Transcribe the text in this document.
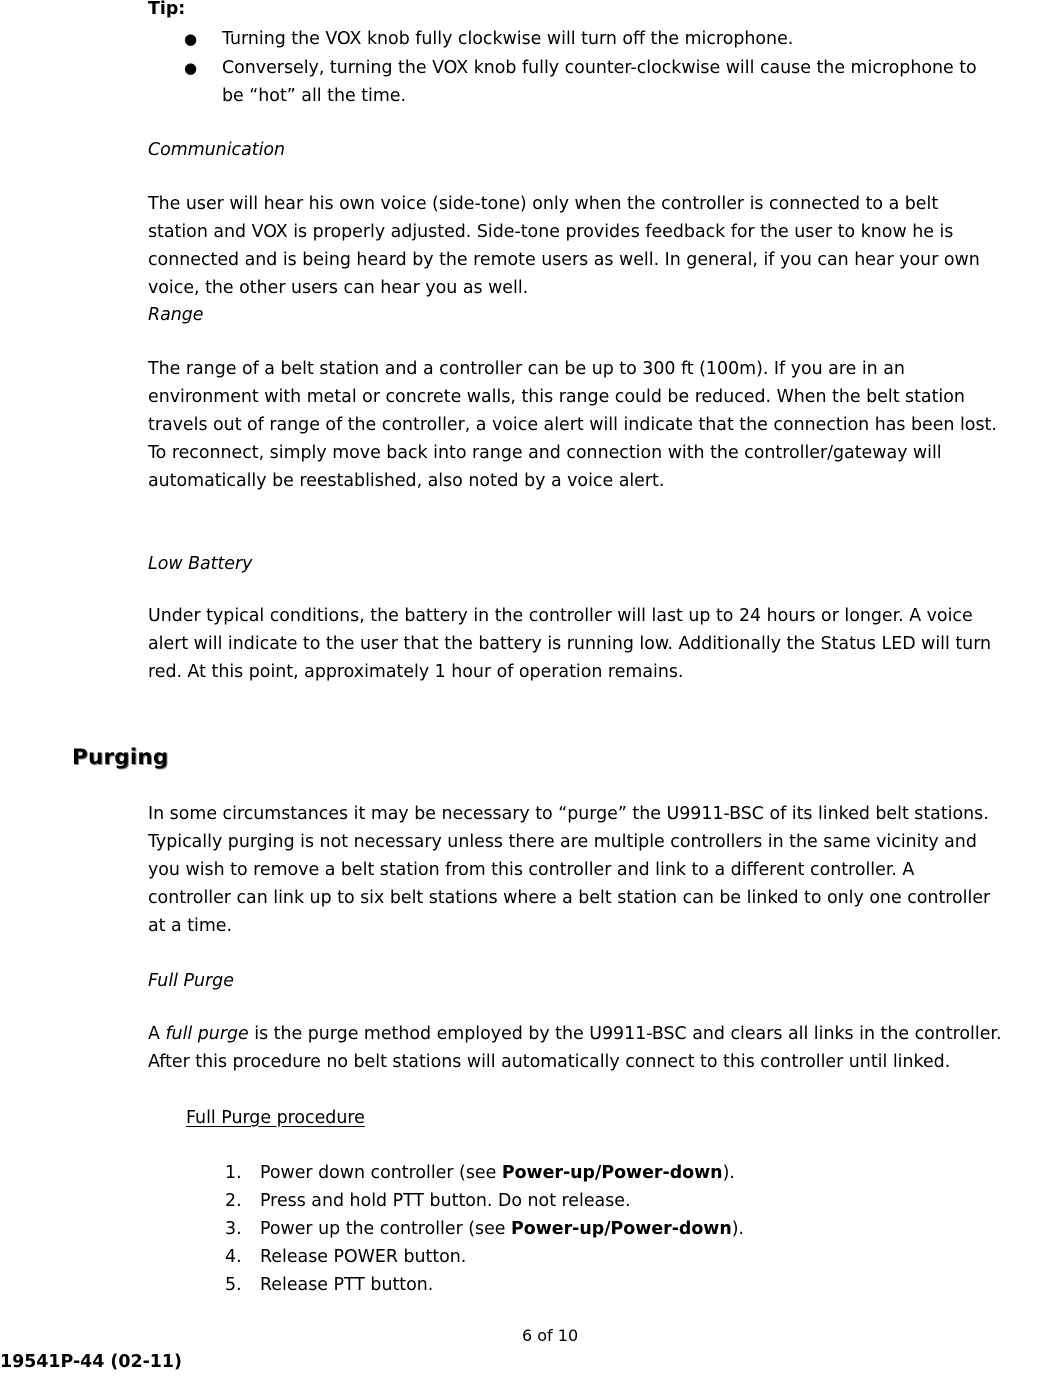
Tip:
● Turning the VOX knob fully clockwise will turn off the microphone.
● Conversely, turning the VOX knob fully counter-clockwise will cause the microphone to
be “hot” all the time.
Communication
The user will hear his own voice (side-tone) only when the controller is connected to a belt
station and VOX is properly adjusted. Side-tone provides feedback for the user to know he is
connected and is being heard by the remote users as well. In general, if you can hear your own
voice, the other users can hear you as well.
Range
The range of a belt station and a controller can be up to 300 ft (100m). If you are in an
environment with metal or concrete walls, this range could be reduced. When the belt station
travels out of range of the controller, a voice alert will indicate that the connection has been lost.
To reconnect, simply move back into range and connection with the controller/gateway will
automatically be reestablished, also noted by a voice alert.
Low Battery
Under typical conditions, the battery in the controller will last up to 24 hours or longer. A voice
alert will indicate to the user that the battery is running low. Additionally the Status LED will turn
red. At this point, approximately 1 hour of operation remains.
Purging
In some circumstances it may be necessary to “purge” the U9911-BSC of its linked belt stations.
Typically purging is not necessary unless there are multiple controllers in the same vicinity and
you wish to remove a belt station from this controller and link to a different controller. A
controller can link up to six belt stations where a belt station can be linked to only one controller
at a time.
Full Purge
A full purge is the purge method employed by the U9911-BSC and clears all links in the controller.
After this procedure no belt stations will automatically connect to this controller until linked.
Full Purge procedure
1. Power down controller (see Power-up/Power-down).
2. Press and hold PTT button. Do not release.
3. Power up the controller (see Power-up/Power-down).
4. Release POWER button.
5. Release PTT button.
6 of 10
19541P-44 (02-11)
